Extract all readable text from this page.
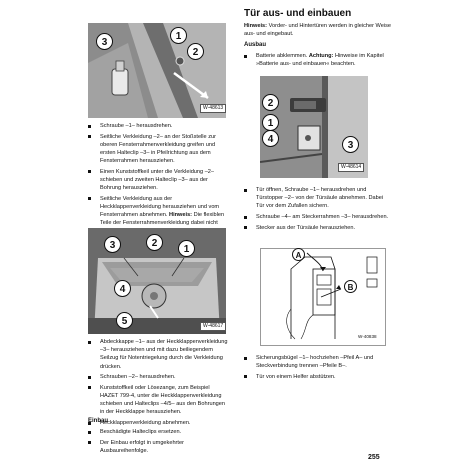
3
1
2
W-48613
Schraube –1– herausdrehen.
Seitliche Verkleidung –2– an der Stoßstelle zur oberen Fensterrahmenverkleidung greifen und ersten Halteclip –3– in Pfeilrichtung aus dem Fensterrahmen herausziehen.
Einen Kunststoffkeil unter die Verkleidung –2– schieben und zweiten Halteclip –3– aus der Bohrung herausziehen.
Seitliche Verkleidung aus der Heckklappenverkleidung herausziehen und vom Fensterrahmen abnehmen. Hinweis: Die flexiblen Teile der Fensterrahmenverkleidung dabei nicht
3	2
1
4
5	W-48617
Abdeckkappe –1– aus der Heckklappenverkleidung –3– herausziehen und mit dazu beiliegendem Seilzug für Notentriegelung durch die Verkleidung drücken.
Schrauben –2– herausdrehen.
Kunststoffkeil oder Lösezange, zum Beispiel HAZET 799-4, unter die Heckklappenverkleidung schieben und Halteclips –4/5– aus den Bohrungen in der Heckklappe herausziehen.
Heckklappenverkleidung abnehmen.
Einbau
Beschädigte Halteclips ersetzen.
Der Einbau erfolgt in umgekehrter Ausbaureihenfolge.
Tür aus- und einbauen
Hinweis: Vorder- und Hintertüren werden in gleicher Weise aus- und eingebaut.
Ausbau
Batterie abklemmen. Achtung: Hinweise im Kapitel »Batterie aus- und einbauen« beachten.
2
1
4
3
W-48614
Tür öffnen, Schraube –1– herausdrehen und Türstopper –2– von der Türsäule abnehmen. Dabei Tür vor dem Zufallen sichern.
Schraube –4– am Steckerrahmen –3– herausdrehen.
Stecker aus der Türsäule herausziehen.
A
B
W-40838
Sicherungsbügel –1– hochziehen –Pfeil A– und Steckverbindung trennen –Pfeile B–.
Tür von einem Helfer abstützen.
255
